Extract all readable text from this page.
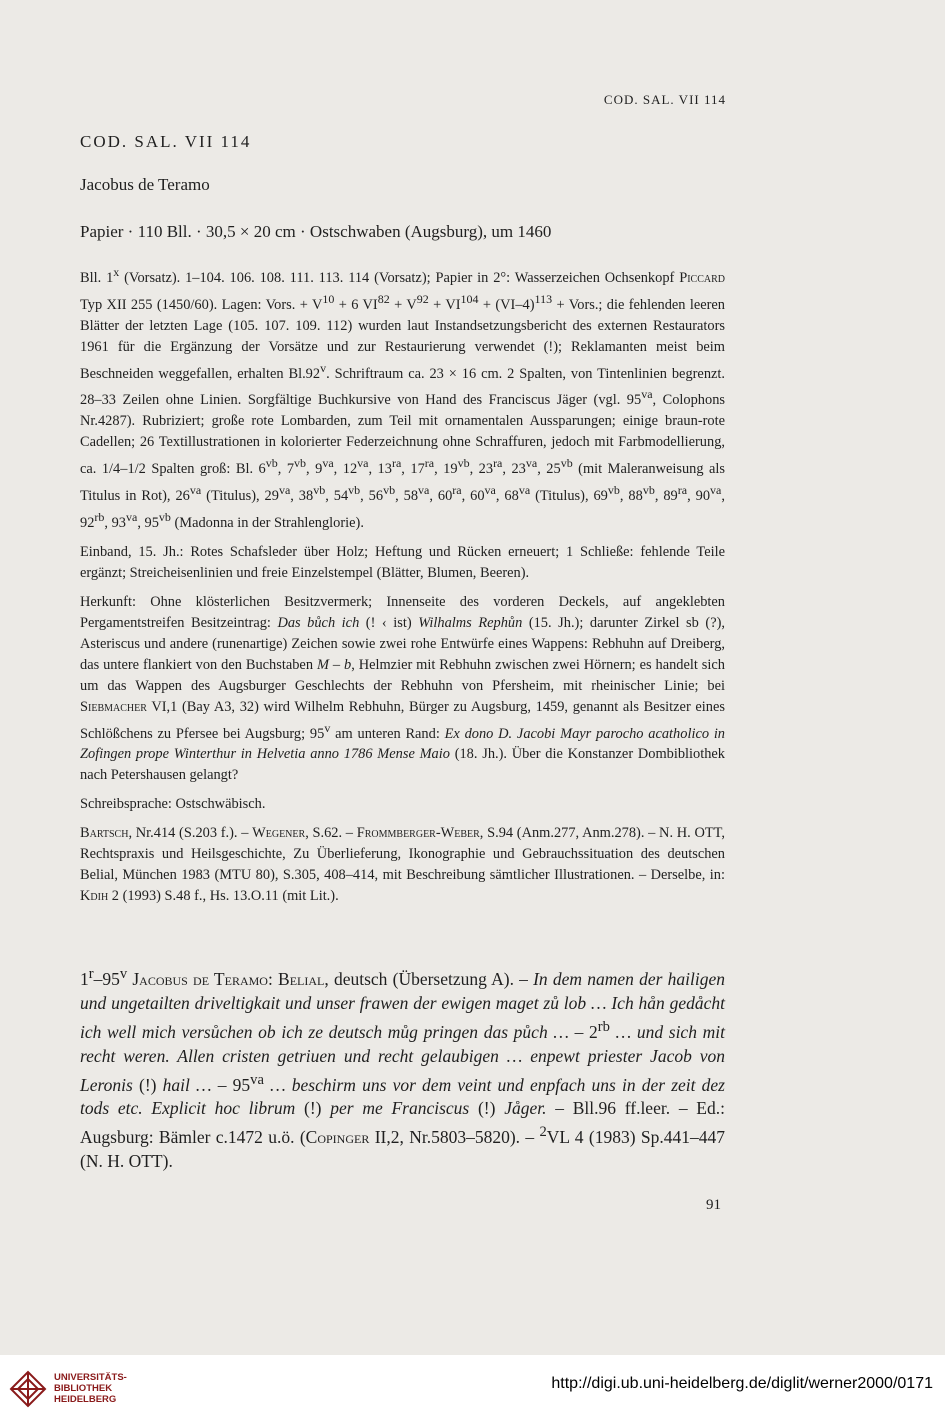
COD. SAL. VII 114
COD. SAL. VII 114
Jacobus de Teramo
Papier · 110 Bll. · 30,5 × 20 cm · Ostschwaben (Augsburg), um 1460

Bll. 1$^x$ (Vorsatz). 1–104. 106. 108. 111. 113. 114 (Vorsatz); Papier in 2°: Wasserzeichen Ochsenkopf Piccard Typ XII 255 (1450/60). Lagen: Vors. + $V^{10} + 6$ $VI^{82} + V^{92} + VI^{104} + (VI-4)^{113}$ + Vors.; die fehlenden leeren Blätter der letzten Lage (105. 107. 109. 112) wurden laut Instandsetzungsbericht des externen Restaurators 1961 für die Ergänzung der Vorsätze und zur Restaurierung verwendet (!); Reklamanten meist beim Beschneiden weggefallen, erhalten Bl.92$^v$. Schriftraum ca. 23 × 16 cm. 2 Spalten, von Tintenlinien begrenzt. 28–33 Zeilen ohne Linien. Sorgfältige Buchkursive von Hand des Franciscus Jäger (vgl. $95^{va}$, Colophons Nr.4287). Rubriziert; große rote Lombarden, zum Teil mit ornamentalen Aussparungen; einige braun-rote Cadellen; 26 Textillustrationen in kolorierter Federzeichnung ohne Schraffuren, jedoch mit Farbmodellierung, ca. 1/4–1/2 Spalten groß: Bl. $6^{vb}$, $7^{vb}$, $9^{va}$, $12^{va}$, $13^{ra}$, $17^{ra}$, $19^{vb}$, $23^{ra}$, $23^{va}$, $25^{vb}$ (mit Maleranweisung als Titulus in Rot), $26^{va}$ (Titulus), $29^{va}$, $38^{vb}$, $54^{vb}$, $56^{vb}$, $58^{va}$, $60^{ra}$, $60^{va}$, $68^{va}$ (Titulus), $69^{vb}$, $88^{vb}$, $89^{ra}$, $90^{va}$, $92^{rb}$, $93^{va}$, $95^{vb}$ (Madonna in der Strahlenglorie).

Einband, 15. Jh.: Rotes Schafsleder über Holz; Heftung und Rücken erneuert; 1 Schließe: fehlende Teile ergänzt; Streicheisenlinien und freie Einzelstempel (Blätter, Blumen, Beeren).

Herkunft: Ohne klösterlichen Besitzvermerk; Innenseite des vorderen Deckels, auf angeklebten Pergamentstreifen Besitzeintrag: Das bůch ich (! ‹ ist) Wilhalms Rephůn (15. Jh.); darunter Zirkel sb (?), Asteriscus und andere (runenartige) Zeichen sowie zwei rohe Entwürfe eines Wappens: Rebhuhn auf Dreiberg, das untere flankiert von den Buchstaben M – b, Helmzier mit Rebhuhn zwischen zwei Hörnern; es handelt sich um das Wappen des Augsburger Geschlechts der Rebhuhn von Pfersheim, mit rheinischer Linie; bei Siebmacher VI,1 (Bay A3, 32) wird Wilhelm Rebhuhn, Bürger zu Augsburg, 1459, genannt als Besitzer eines Schlößchens zu Pfersee bei Augsburg; 95$^v$ am unteren Rand: Ex dono D. Jacobi Mayr parocho acatholico in Zofingen prope Winterthur in Helvetia anno 1786 Mense Maio (18. Jh.). Über die Konstanzer Dombibliothek nach Petershausen gelangt?

Schreibsprache: Ostschwäbisch.

Bartsch, Nr.414 (S.203 f.). – Wegener, S.62. – Frommberger-Weber, S.94 (Anm.277, Anm.278). – N. H. OTT, Rechtspraxis und Heilsgeschichte, Zu Überlieferung, Ikonographie und Gebrauchssituation des deutschen Belial, München 1983 (MTU 80), S.305, 408–414, mit Beschreibung sämtlicher Illustrationen. – Derselbe, in: Kdih 2 (1993) S.48 f., Hs. 13.O.11 (mit Lit.).

1$^r$–95$^v$ Jacobus de Teramo: Belial, deutsch (Übersetzung A). – In dem namen der hailigen und ungetailten driveltigkait und unser frawen der ewigen maget zů lob … Ich hån gedåcht ich well mich versůchen ob ich ze deutsch můg pringen das půch … – $2^{rb}$ … und sich mit recht weren. Allen cristen getriuen und recht gelaubigen … enpewt priester Jacob von Leronis (!) hail … – $95^{va}$ … beschirm uns vor dem veint und enpfach uns in der zeit dez tods etc. Explicit hoc librum (!) per me Franciscus (!) Jåger. – Bll.96 ff.leer. – Ed.: Augsburg: Bämler c.1472 u.ö. (Copinger II,2, Nr.5803–5820). – $^2$VL 4 (1983) Sp.441–447 (N. H. OTT).
91
UNIVERSITÄTS-
BIBLIOTHEK
HEIDELBERG
http://digi.ub.uni-heidelberg.de/diglit/werner2000/0171
